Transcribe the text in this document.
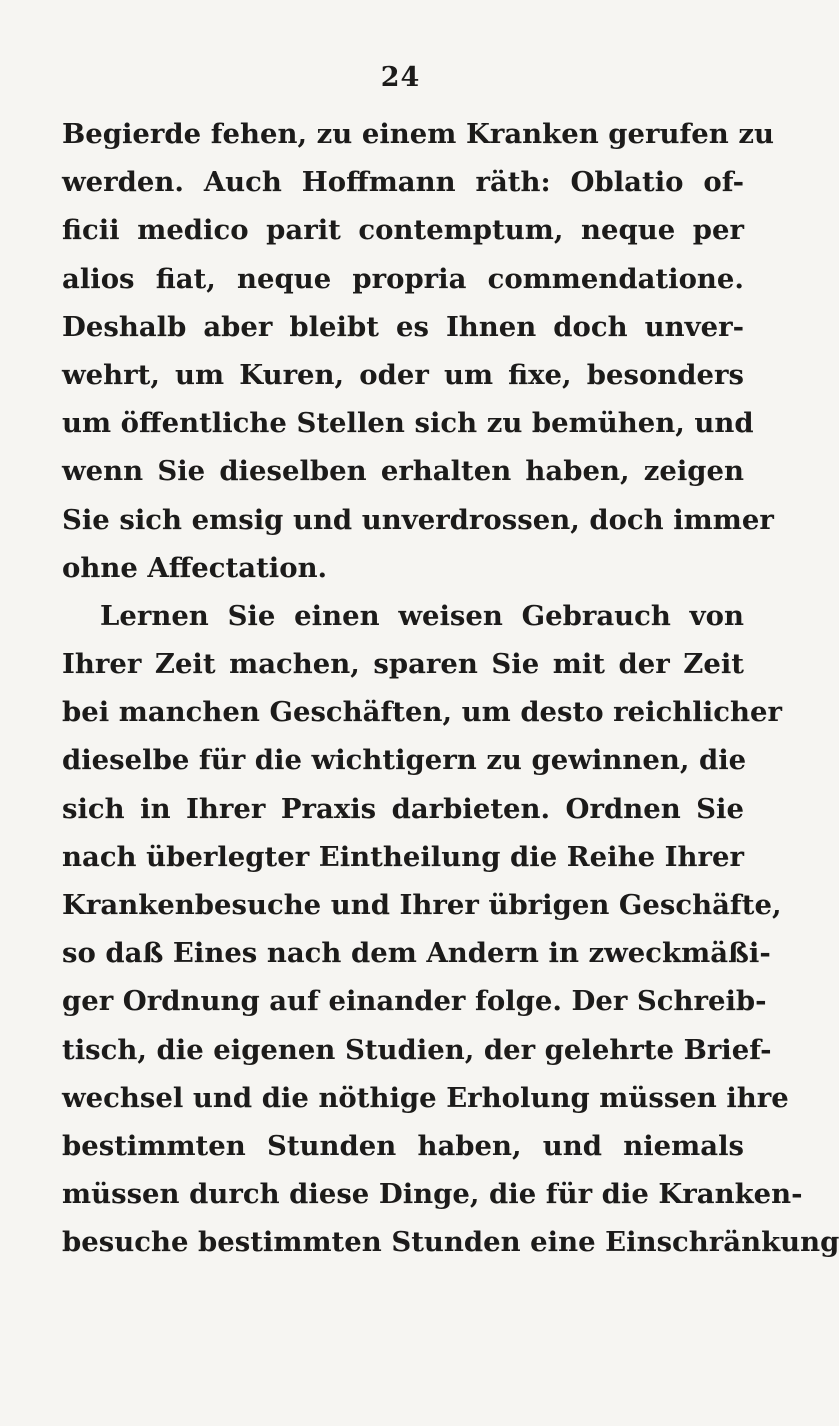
24
Begierde fehen, zu einem Kranken gerufen zu
werden. Auch Hoffmann räth: Oblatio of-
ficii medico parit contemptum, neque per
alios fiat, neque propria commendatione.
Deshalb aber bleibt es Ihnen doch unver-
wehrt, um Kuren, oder um fixe, besonders
um öffentliche Stellen sich zu bemühen, und
wenn Sie dieselben erhalten haben, zeigen
Sie sich emsig und unverdrossen, doch immer
ohne Affectation.
Lernen Sie einen weisen Gebrauch von
Ihrer Zeit machen, sparen Sie mit der Zeit
bei manchen Geschäften, um desto reichlicher
dieselbe für die wichtigern zu gewinnen, die
sich in Ihrer Praxis darbieten. Ordnen Sie
nach überlegter Eintheilung die Reihe Ihrer
Krankenbesuche und Ihrer übrigen Geschäfte,
so daß Eines nach dem Andern in zweckmäßi-
ger Ordnung auf einander folge. Der Schreib-
tisch, die eigenen Studien, der gelehrte Brief-
wechsel und die nöthige Erholung müssen ihre
bestimmten Stunden haben, und niemals
müssen durch diese Dinge, die für die Kranken-
besuche bestimmten Stunden eine Einschränkung
